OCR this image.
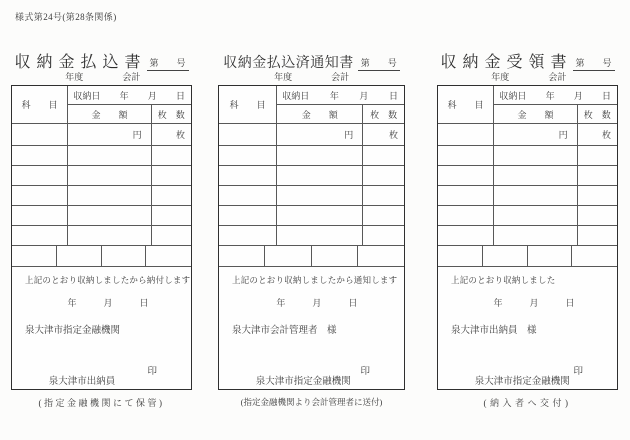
様式第24号(第28条関係)
収納金払込書 第　　号
年度	会計
科　　目
収納日 年 月 日
金　　額	枚　数
円	枚
上記のとおり収納しましたから納付します
年　　　月　　　日
泉大津市指定金融機関

泉大津市出納員

印

(指定金融機関にて保管)
収納金払込済通知書 第　　号
年度	会計
科　　目
収納日 年 月 日
金　　額	枚　数
円	枚
上記のとおり収納しましたから通知します
年　　　月　　　日
泉大津市会計管理者　様

泉大津市指定金融機関

印

(指定金融機関より会計管理者に送付)
収納金受領書 第　　号
年度	会計
科　　目
収納日 年 月 日
金　　額	枚　数
円	枚
上記のとおり収納しました
年　　　月　　　日
泉大津市出納員　様

泉大津市指定金融機関

印

(納入者へ交付)
